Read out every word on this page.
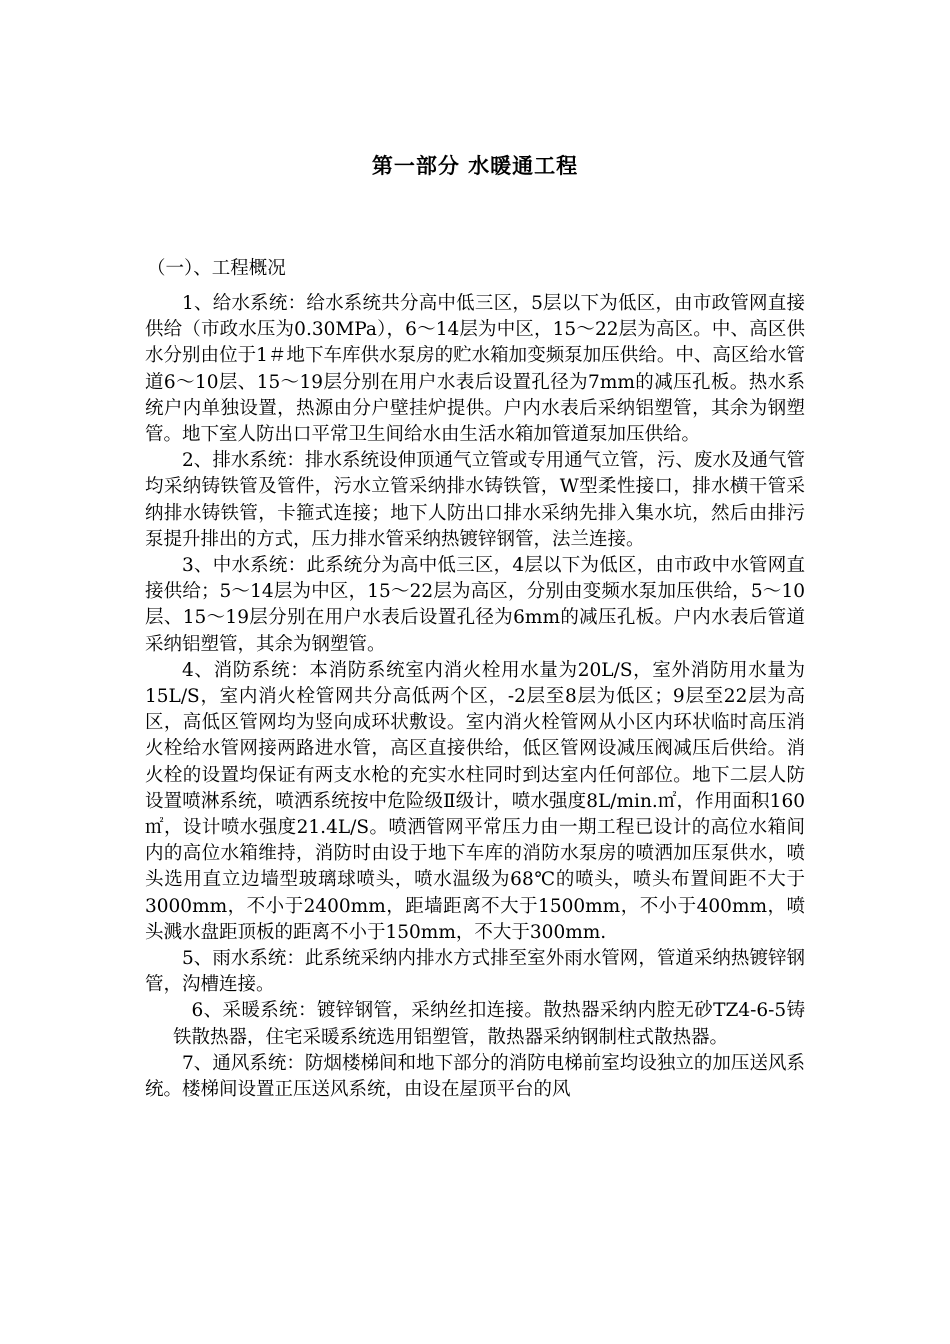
第一部分 水暖通工程
（一）、工程概况

1、给水系统：给水系统共分高中低三区，5层以下为低区，由市政管网直接供给（市政水压为0.30MPa），6～14层为中区，15～22层为高区。中、高区供水分别由位于1＃地下车库供水泵房的贮水箱加变频泵加压供给。中、高区给水管道6～10层、15～19层分别在用户水表后设置孔径为7mm的减压孔板。热水系统户内单独设置，热源由分户壁挂炉提供。户内水表后采纳铝塑管，其余为钢塑管。地下室人防出口平常卫生间给水由生活水箱加管道泵加压供给。

2、排水系统：排水系统设伸顶通气立管或专用通气立管，污、废水及通气管均采纳铸铁管及管件，污水立管采纳排水铸铁管，W型柔性接口，排水横干管采纳排水铸铁管，卡箍式连接；地下人防出口排水采纳先排入集水坑，然后由排污泵提升排出的方式，压力排水管采纳热镀锌钢管，法兰连接。

3、中水系统：此系统分为高中低三区，4层以下为低区，由市政中水管网直接供给；5～14层为中区，15～22层为高区，分别由变频水泵加压供给，5～10层、15～19层分别在用户水表后设置孔径为6mm的减压孔板。户内水表后管道采纳铝塑管，其余为钢塑管。

4、消防系统：本消防系统室内消火栓用水量为20L/S，室外消防用水量为15L/S，室内消火栓管网共分高低两个区，-2层至8层为低区；9层至22层为高区，高低区管网均为竖向成环状敷设。室内消火栓管网从小区内环状临时高压消火栓给水管网接两路进水管，高区直接供给，低区管网设减压阀减压后供给。消火栓的设置均保证有两支水枪的充实水柱同时到达室内任何部位。地下二层人防设置喷淋系统，喷洒系统按中危险级Ⅱ级计，喷水强度8L/min.㎡，作用面积160㎡，设计喷水强度21.4L/S。喷洒管网平常压力由一期工程已设计的高位水箱间内的高位水箱维持，消防时由设于地下车库的消防水泵房的喷洒加压泵供水，喷头选用直立边墙型玻璃球喷头，喷水温级为68℃的喷头，喷头布置间距不大于3000mm，不小于2400mm，距墙距离不大于1500mm，不小于400mm，喷头溅水盘距顶板的距离不小于150mm，不大于300mm.

5、雨水系统：此系统采纳内排水方式排至室外雨水管网，管道采纳热镀锌钢管，沟槽连接。

6、采暖系统：镀锌钢管，采纳丝扣连接。散热器采纳内腔无砂TZ4-6-5铸铁散热器，住宅采暖系统选用铝塑管，散热器采纳钢制柱式散热器。

7、通风系统：防烟楼梯间和地下部分的消防电梯前室均设独立的加压送风系统。楼梯间设置正压送风系统，由设在屋顶平台的风
